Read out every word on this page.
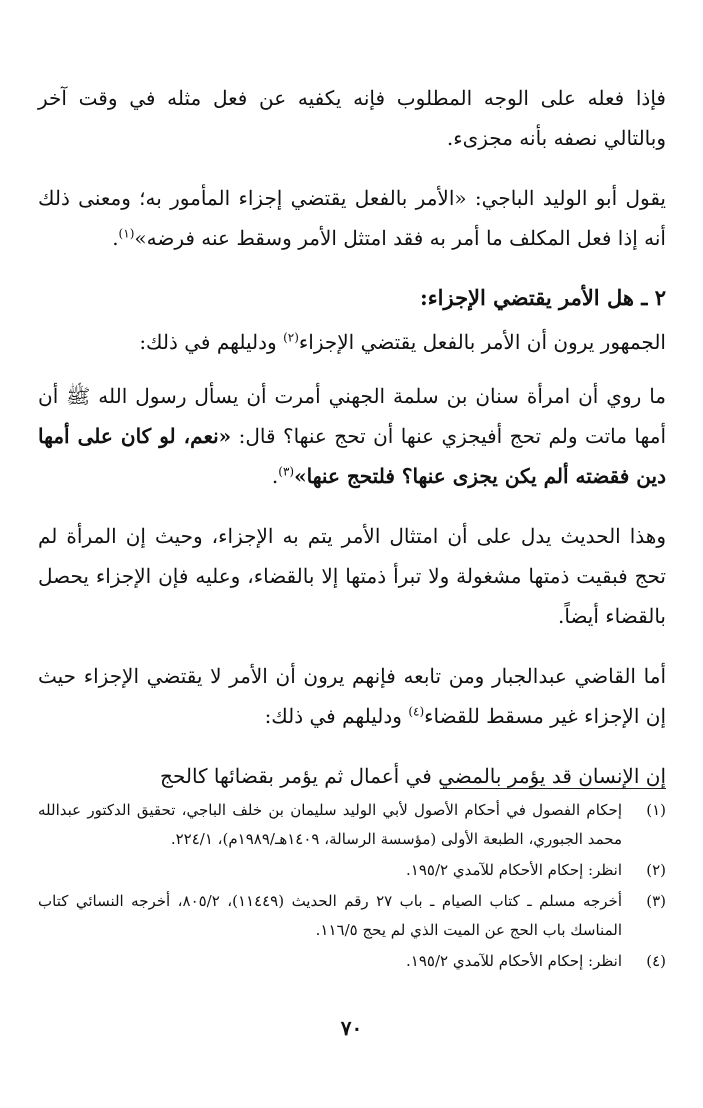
فإذا فعله على الوجه المطلوب فإنه يكفيه عن فعل مثله في وقت آخر وبالتالي نصفه بأنه مجزىء.

يقول أبو الوليد الباجي: «الأمر بالفعل يقتضي إجزاء المأمور به؛ ومعنى ذلك أنه إذا فعل المكلف ما أمر به فقد امتثل الأمر وسقط عنه فرضه»$^{(١)}$.

٢ ـ هل الأمر يقتضي الإجزاء:

الجمهور يرون أن الأمر بالفعل يقتضي الإجزاء$^{(٢)}$ ودليلهم في ذلك:

ما روي أن امرأة سنان بن سلمة الجهني أمرت أن يسأل رسول الله ﷺ أن أمها ماتت ولم تحج أفيجزي عنها أن تحج عنها؟ قال: «نعم، لو كان على أمها دين فقضته ألم يكن يجزى عنها؟ فلتحج عنها»$^{(٣)}$.

وهذا الحديث يدل على أن امتثال الأمر يتم به الإجزاء، وحيث إن المرأة لم تحج فبقيت ذمتها مشغولة ولا تبرأ ذمتها إلا بالقضاء، وعليه فإن الإجزاء يحصل بالقضاء أيضاً.

أما القاضي عبدالجبار ومن تابعه فإنهم يرون أن الأمر لا يقتضي الإجزاء حيث إن الإجزاء غير مسقط للقضاء$^{(٤)}$ ودليلهم في ذلك:

إن الإنسان قد يؤمر بالمضي في أعمال ثم يؤمر بقضائها كالحج

(١)
إحكام الفصول في أحكام الأصول لأبي الوليد سليمان بن خلف الباجي، تحقيق الدكتور عبدالله محمد الجبوري، الطبعة الأولى (مؤسسة الرسالة، ١٤٠٩هـ/١٩٨٩م)، ٢٢٤/١.
(٢)
انظر: إحكام الأحكام للآمدي ١٩٥/٢.
(٣)
أخرجه مسلم ـ كتاب الصيام ـ باب ٢٧ رقم الحديث (١١٤٤٩)، ٨٠٥/٢، أخرجه النسائي كتاب المناسك باب الحج عن الميت الذي لم يحج ١١٦/٥.
(٤)
انظر: إحكام الأحكام للآمدي ١٩٥/٢.
٧٠
